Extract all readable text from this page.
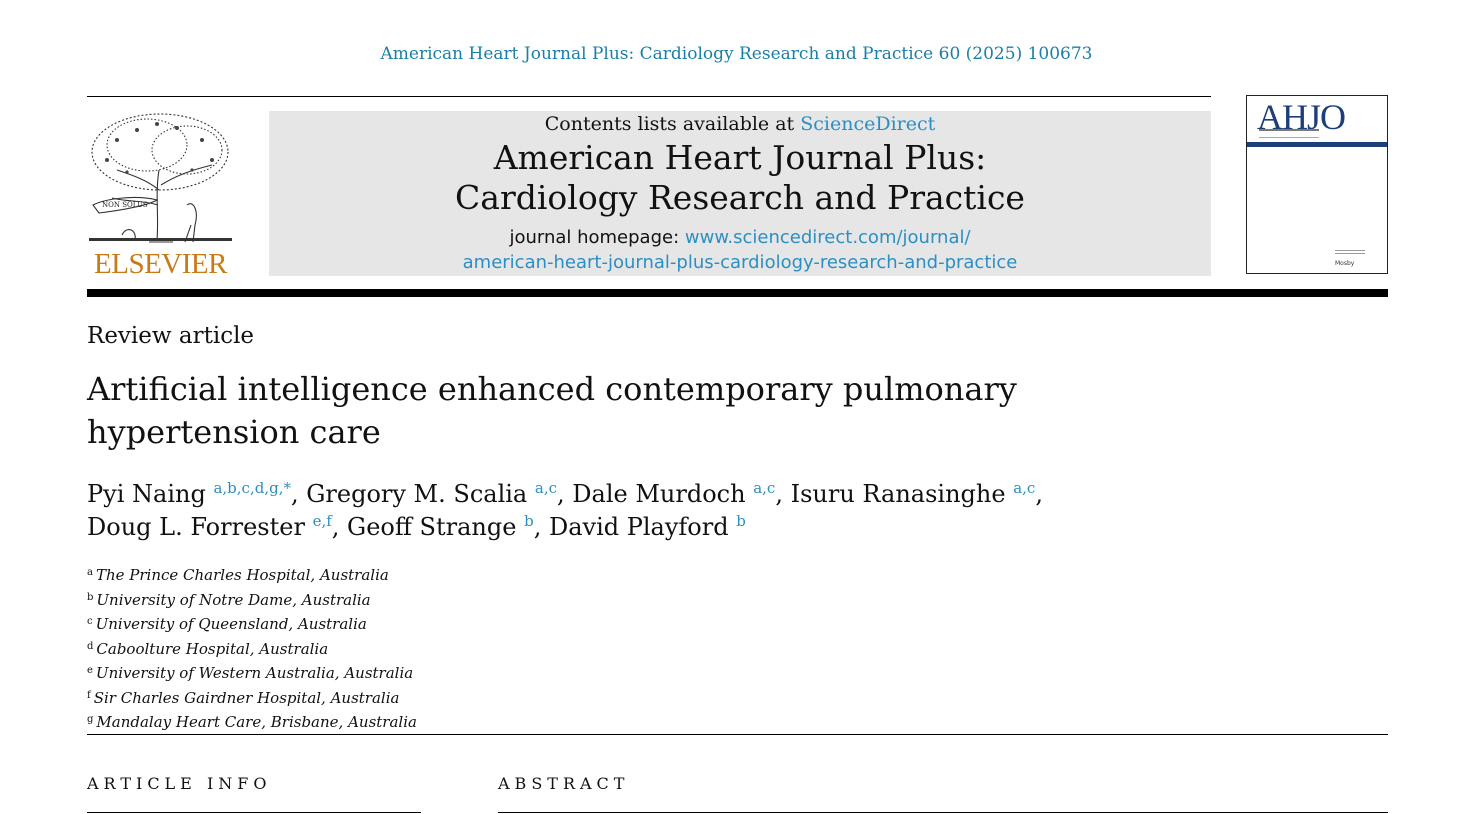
American Heart Journal Plus: Cardiology Research and Practice 60 (2025) 100673
NON SOLUS
ELSEVIER
Contents lists available at ScienceDirect
American Heart Journal Plus:
Cardiology Research and Practice
journal homepage: www.sciencedirect.com/journal/
american-heart-journal-plus-cardiology-research-and-practice
AHJO
Mosby
Review article
Artificial intelligence enhanced contemporary pulmonary
hypertension care
Pyi Naing $^{a,b,c,d,g,*}$, Gregory M. Scalia $^{a,c}$, Dale Murdoch $^{a,c}$, Isuru Ranasinghe $^{a,c}$,
Doug L. Forrester $^{e,f}$, Geoff Strange $^b$, David Playford $^b$
$^a$ The Prince Charles Hospital, Australia
$^b$ University of Notre Dame, Australia
$^c$ University of Queensland, Australia
$^d$ Caboolture Hospital, Australia
$^e$ University of Western Australia, Australia
$^f$ Sir Charles Gairdner Hospital, Australia
$^g$ Mandalay Heart Care, Brisbane, Australia
ARTICLE INFO	ABSTRACT
